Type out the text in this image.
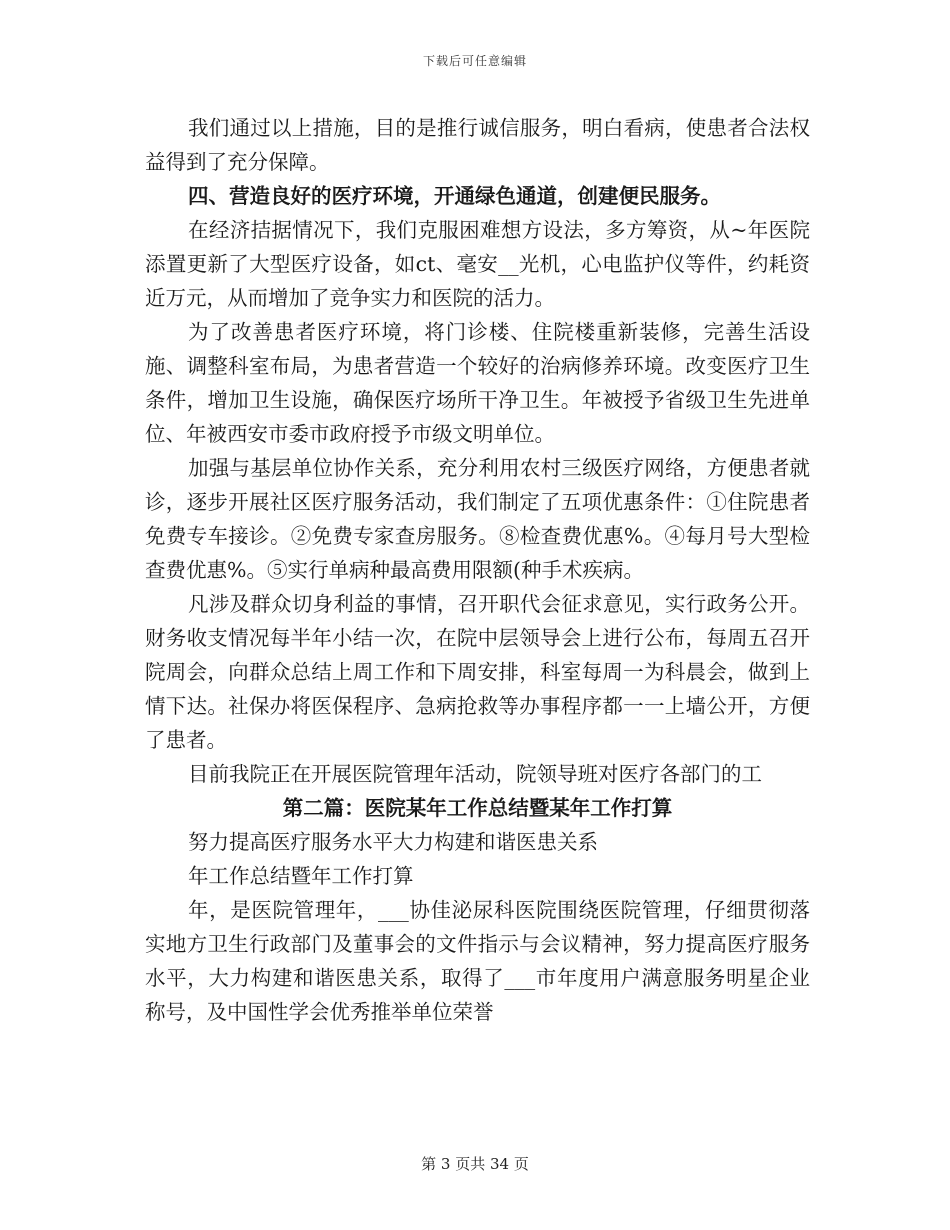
下载后可任意编辑

我们通过以上措施，目的是推行诚信服务，明白看病，使患者合法权益得到了充分保障。

四、营造良好的医疗环境，开通绿色通道，创建便民服务。

在经济拮据情况下，我们克服困难想方设法，多方筹资，从~年医院添置更新了大型医疗设备，如ct、毫安__光机，心电监护仪等件，约耗资近万元，从而增加了竞争实力和医院的活力。

为了改善患者医疗环境，将门诊楼、住院楼重新装修，完善生活设施、调整科室布局，为患者营造一个较好的治病修养环境。改变医疗卫生条件，增加卫生设施，确保医疗场所干净卫生。年被授予省级卫生先进单位、年被西安市委市政府授予市级文明单位。

加强与基层单位协作关系，充分利用农村三级医疗网络，方便患者就诊，逐步开展社区医疗服务活动，我们制定了五项优惠条件：①住院患者免费专车接诊。②免费专家查房服务。⑧检查费优惠%。④每月号大型检查费优惠%。⑤实行单病种最高费用限额(种手术疾病。

凡涉及群众切身利益的事情，召开职代会征求意见，实行政务公开。财务收支情况每半年小结一次，在院中层领导会上进行公布，每周五召开院周会，向群众总结上周工作和下周安排，科室每周一为科晨会，做到上情下达。社保办将医保程序、急病抢救等办事程序都一一上墙公开，方便了患者。

目前我院正在开展医院管理年活动，院领导班对医疗各部门的工

第二篇：医院某年工作总结暨某年工作打算

努力提高医疗服务水平大力构建和谐医患关系

年工作总结暨年工作打算

年，是医院管理年，___协佳泌尿科医院围绕医院管理，仔细贯彻落实地方卫生行政部门及董事会的文件指示与会议精神，努力提高医疗服务水平，大力构建和谐医患关系，取得了___市年度用户满意服务明星企业称号，及中国性学会优秀推举单位荣誉

第 3 页共 34 页
